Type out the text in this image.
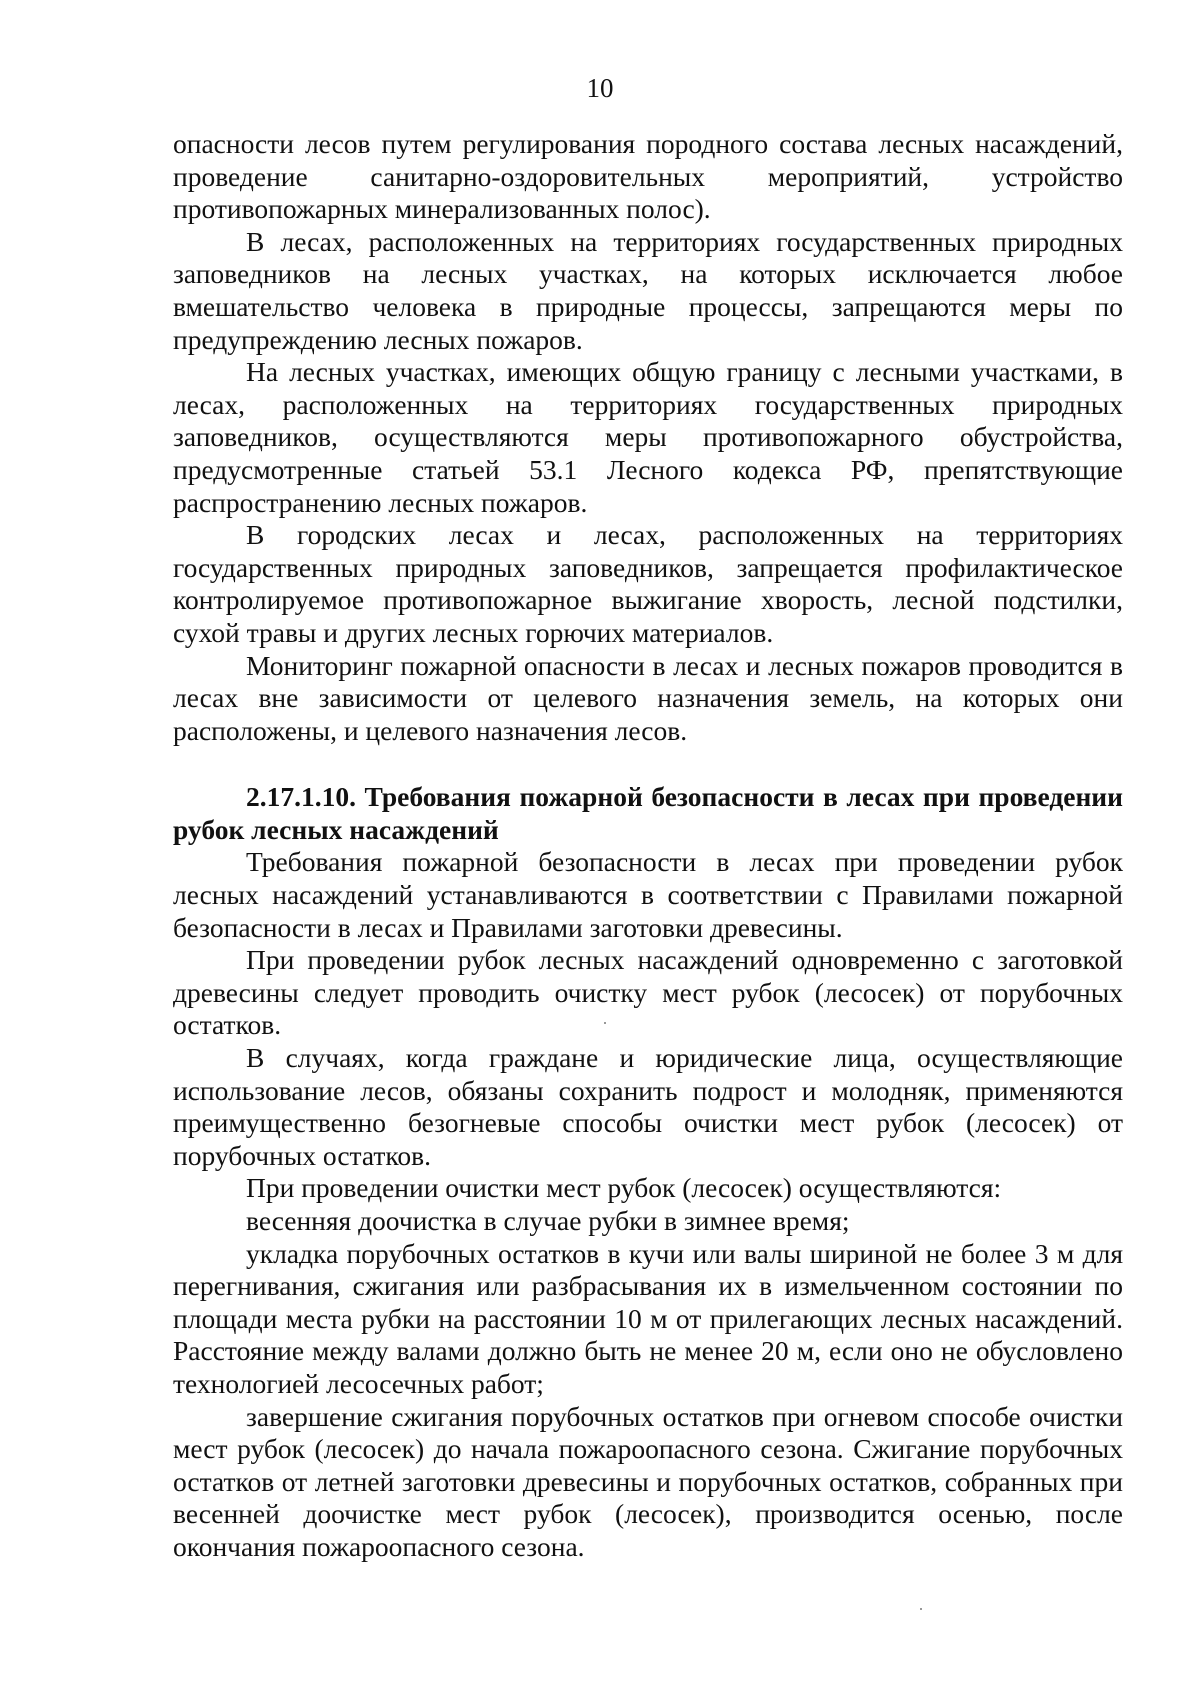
10

опасности лесов путем регулирования породного состава лесных насаждений, проведение санитарно-оздоровительных мероприятий, устройство противопожарных минерализованных полос).

В лесах, расположенных на территориях государственных природных заповедников на лесных участках, на которых исключается любое вмешательство человека в природные процессы, запрещаются меры по предупреждению лесных пожаров.

На лесных участках, имеющих общую границу с лесными участками, в лесах, расположенных на территориях государственных природных заповедников, осуществляются меры противопожарного обустройства, предусмотренные статьей 53.1 Лесного кодекса РФ, препятствующие распространению лесных пожаров.

В городских лесах и лесах, расположенных на территориях государственных природных заповедников, запрещается профилактическое контролируемое противопожарное выжигание хворость, лесной подстилки, сухой травы и других лесных горючих материалов.

Мониторинг пожарной опасности в лесах и лесных пожаров проводится в лесах вне зависимости от целевого назначения земель, на которых они расположены, и целевого назначения лесов.

2.17.1.10. Требования пожарной безопасности в лесах при проведении рубок лесных насаждений

Требования пожарной безопасности в лесах при проведении рубок лесных насаждений устанавливаются в соответствии с Правилами пожарной безопасности в лесах и Правилами заготовки древесины.

При проведении рубок лесных насаждений одновременно с заготовкой древесины следует проводить очистку мест рубок (лесосек) от порубочных остатков.

В случаях, когда граждане и юридические лица, осуществляющие использование лесов, обязаны сохранить подрост и молодняк, применяются преимущественно безогневые способы очистки мест рубок (лесосек) от порубочных остатков.

При проведении очистки мест рубок (лесосек) осуществляются:

весенняя доочистка в случае рубки в зимнее время;

укладка порубочных остатков в кучи или валы шириной не более 3 м для перегнивания, сжигания или разбрасывания их в измельченном состоянии по площади места рубки на расстоянии 10 м от прилегающих лесных насаждений. Расстояние между валами должно быть не менее 20 м, если оно не обусловлено технологией лесосечных работ;

завершение сжигания порубочных остатков при огневом способе очистки мест рубок (лесосек) до начала пожароопасного сезона. Сжигание порубочных остатков от летней заготовки древесины и порубочных остатков, собранных при весенней доочистке мест рубок (лесосек), производится осенью, после окончания пожароопасного сезона.
